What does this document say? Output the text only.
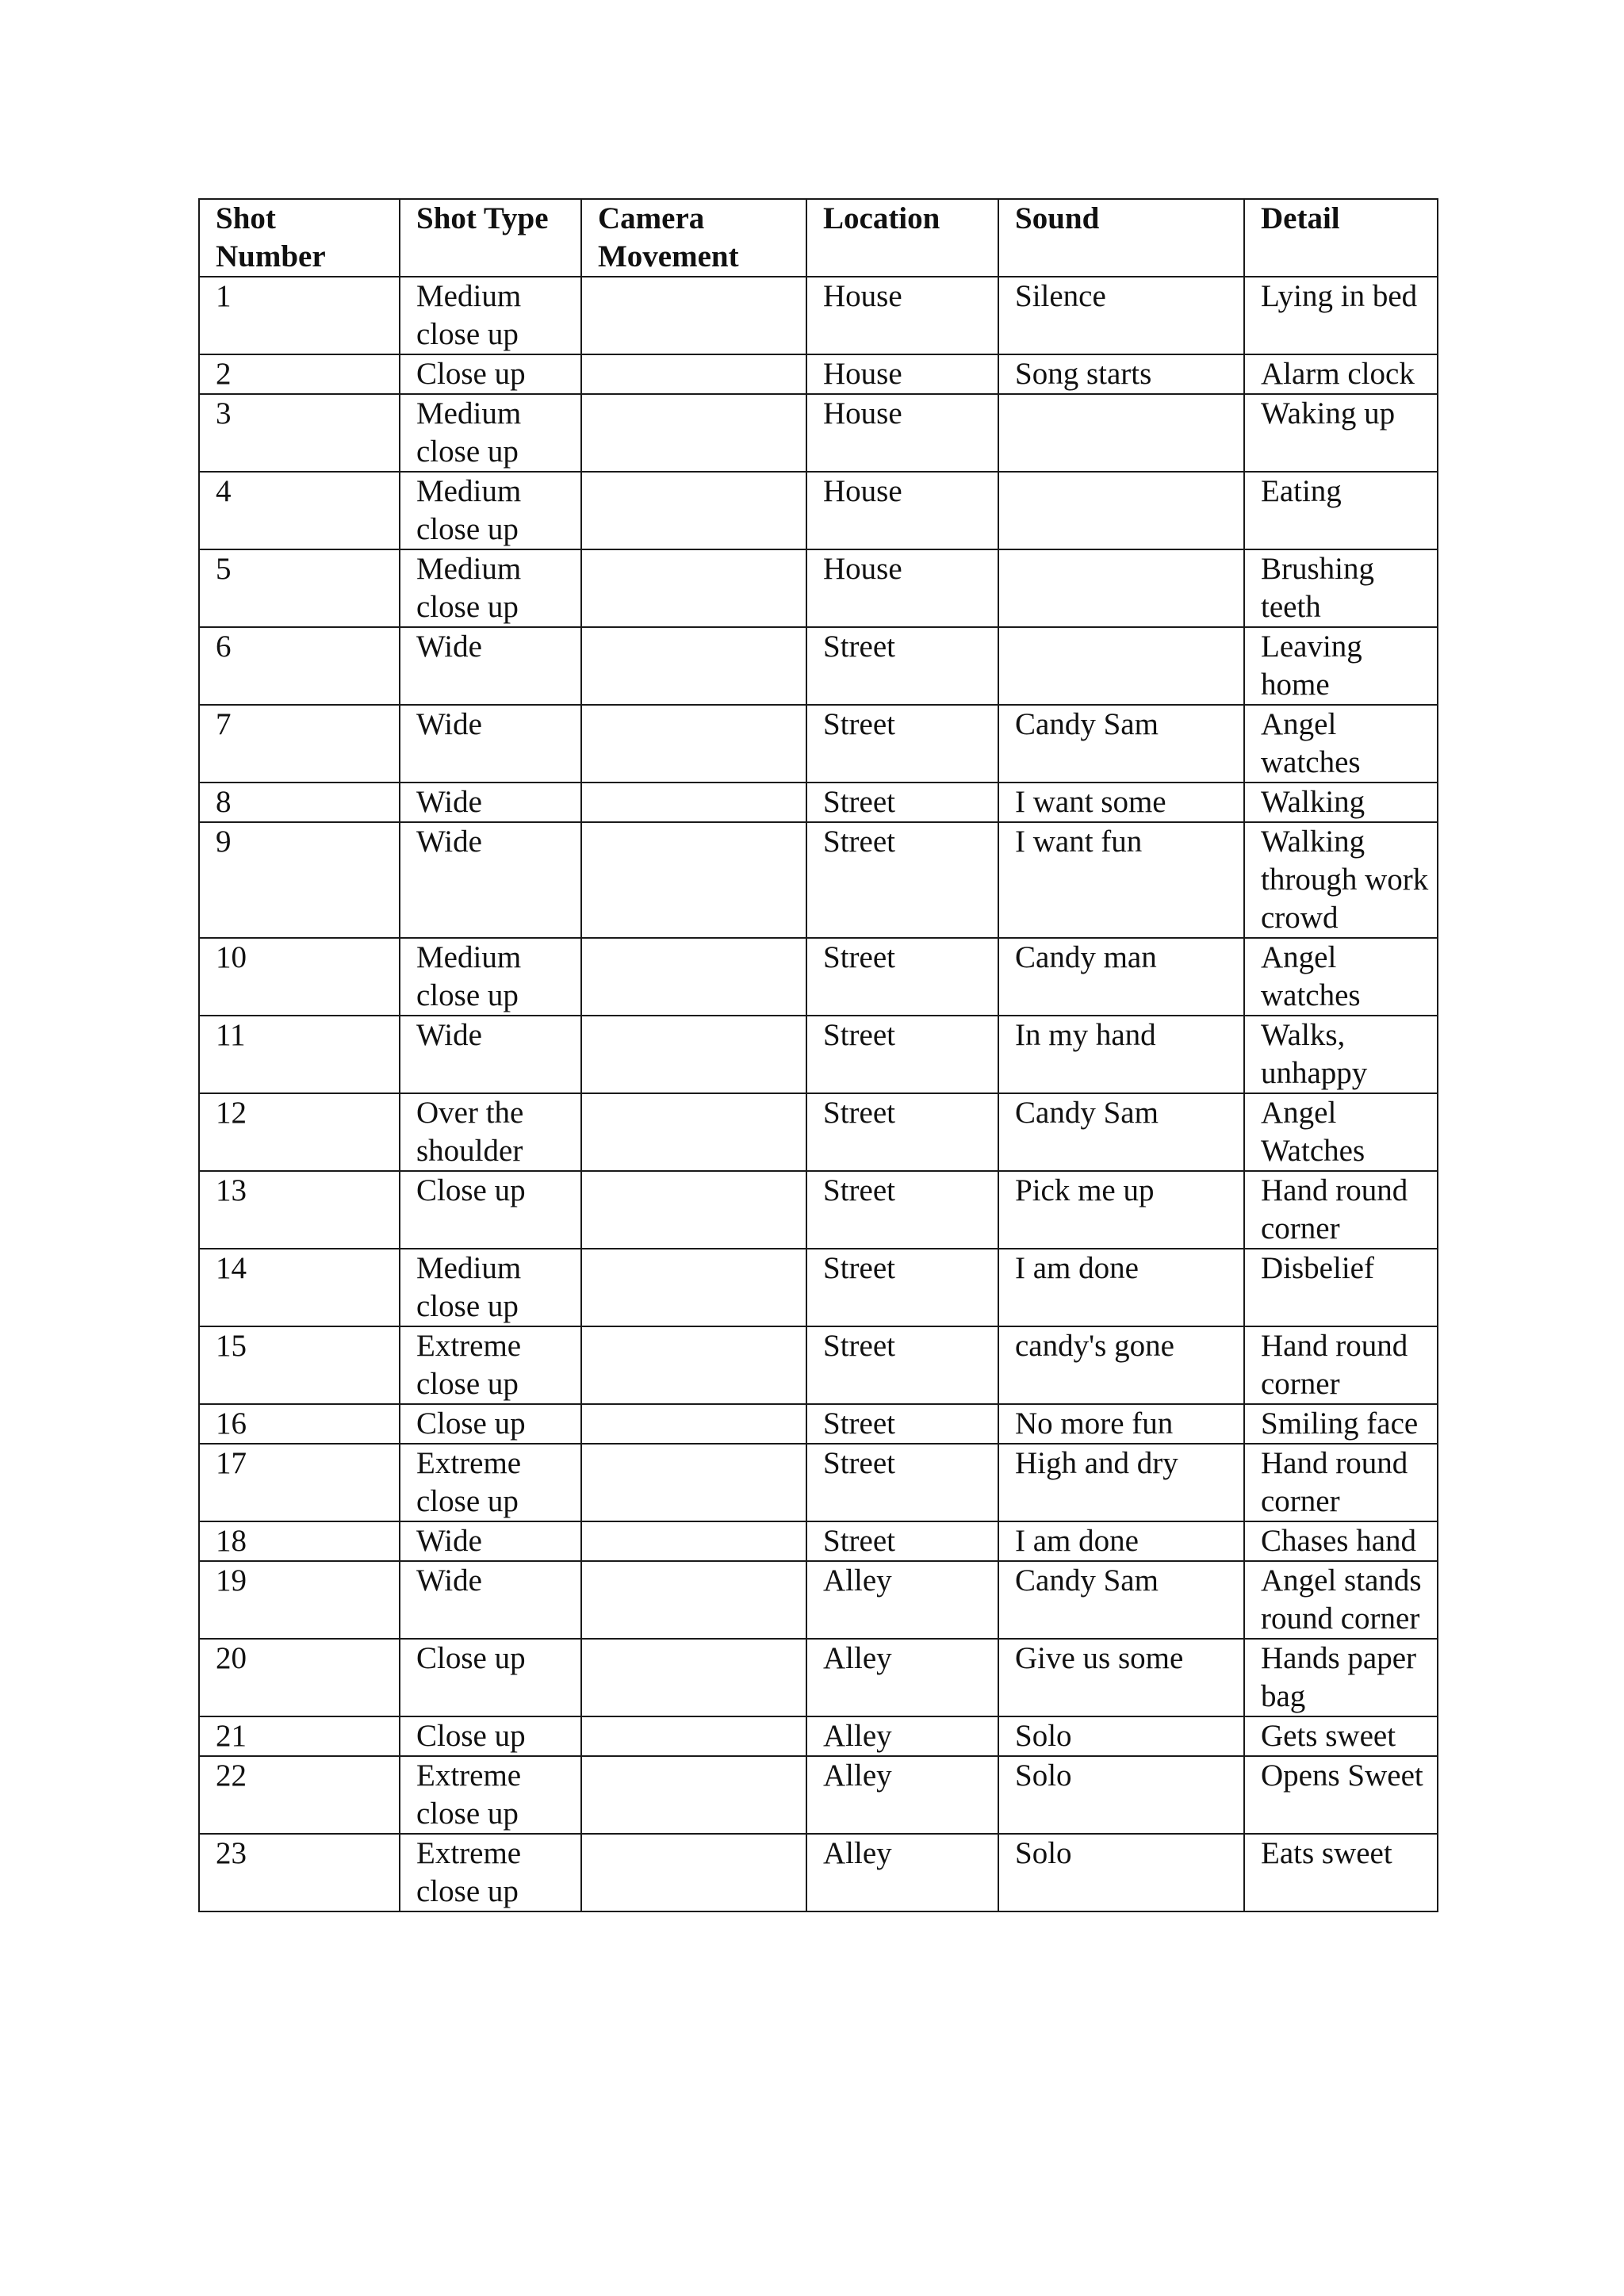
Shot Number	Shot Type	Camera Movement	Location	Sound	Detail
1	Medium close up		House	Silence	Lying in bed
2	Close up		House	Song starts	Alarm clock
3	Medium close up		House		Waking up
4	Medium close up		House		Eating
5	Medium close up		House		Brushing teeth
6	Wide		Street		Leaving home
7	Wide		Street	Candy Sam	Angel watches
8	Wide		Street	I want some	Walking
9	Wide		Street	I want fun	Walking through work crowd
10	Medium close up		Street	Candy man	Angel watches
11	Wide		Street	In my hand	Walks, unhappy
12	Over the shoulder		Street	Candy Sam	Angel Watches
13	Close up		Street	Pick me up	Hand round corner
14	Medium close up		Street	I am done	Disbelief
15	Extreme close up		Street	candy's gone	Hand round corner
16	Close up		Street	No more fun	Smiling face
17	Extreme close up		Street	High and dry	Hand round corner
18	Wide		Street	I am done	Chases hand
19	Wide		Alley	Candy Sam	Angel stands round corner
20	Close up		Alley	Give us some	Hands paper bag
21	Close up		Alley	Solo	Gets sweet
22	Extreme close up		Alley	Solo	Opens Sweet
23	Extreme close up		Alley	Solo	Eats sweet
